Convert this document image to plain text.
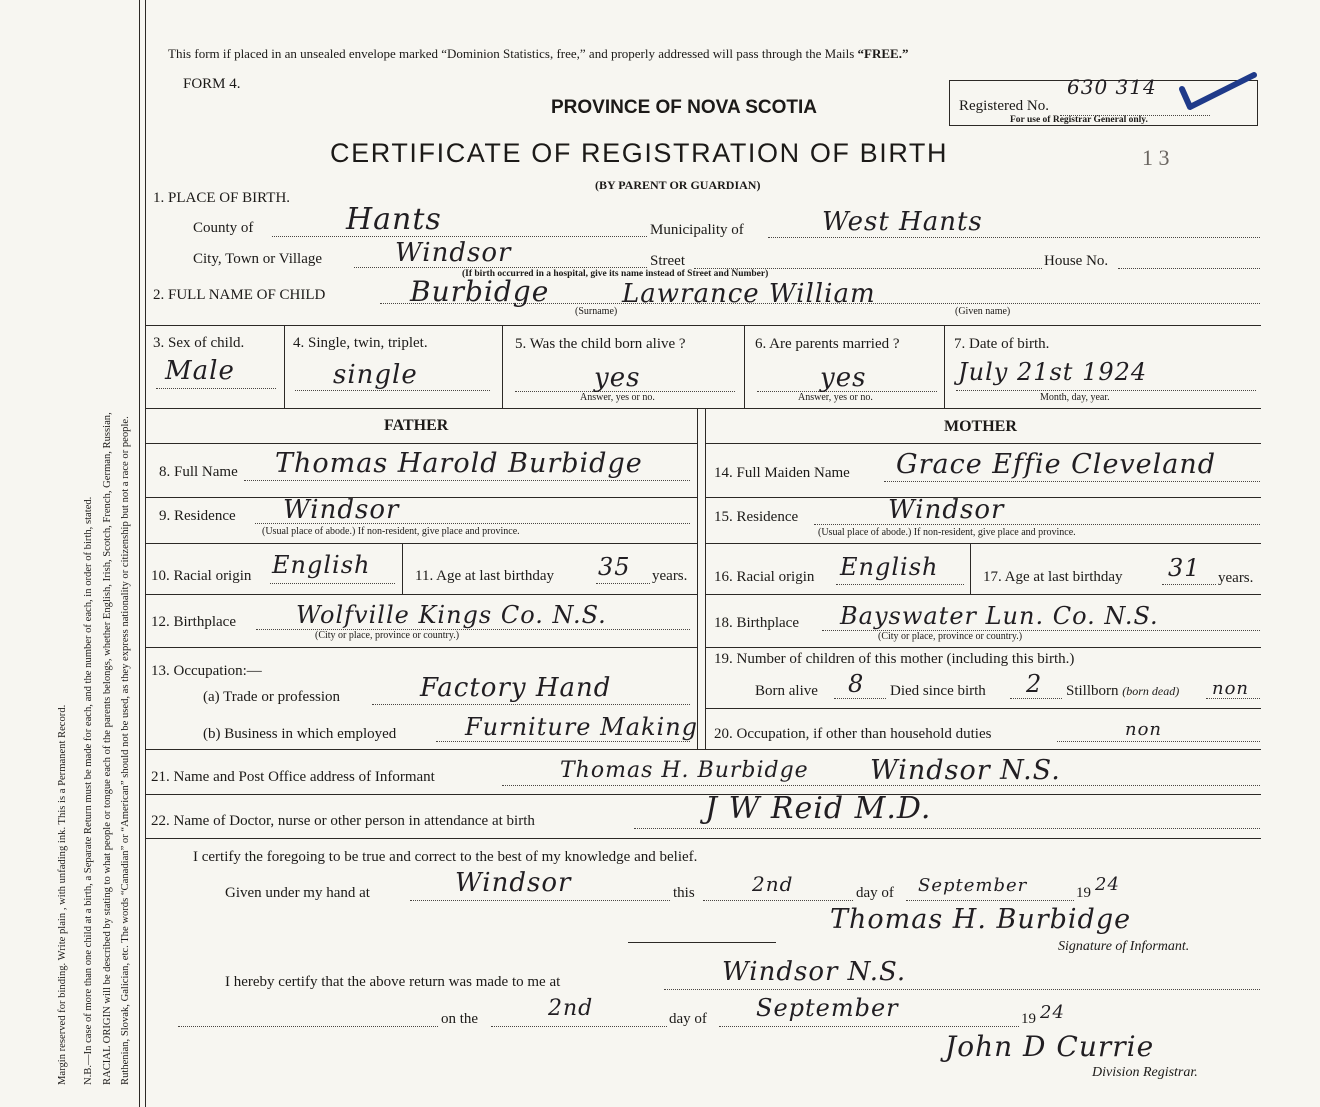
Margin reserved for binding. Write plain , with unfading ink. This is a Permanent Record. N.B.—In case of more than one child at a birth, a Separate Return must be made for each, and the number of each, in order of birth, stated. RACIAL ORIGIN will be described by stating to what people or tongue each of the parents belongs, whether English, Irish, Scotch, French, German, Russian, Ruthenian, Slovak, Galician, etc. The words “Canadian” or “American” should not be used, as they express nationality or citizenship but not a race or people.
This form if placed in an unsealed envelope marked “Dominion Statistics, free,” and properly addressed will pass through the Mails “FREE.”
FORM 4.
PROVINCE OF NOVA SCOTIA
CERTIFICATE OF REGISTRATION OF BIRTH
(BY PARENT OR GUARDIAN)
1 3
Registered No.
630 314
For use of Registrar General only.
1. PLACE OF BIRTH.
County of	Hants	Municipality of	West Hants
City, Town or Village	Windsor	Street	House No.
(If birth occurred in a hospital, give its name instead of Street and Number)
2. FULL NAME OF CHILD	Burbidge	Lawrance William
(Surname)	(Given name)
3. Sex of child.
Male
4. Single, twin, triplet.
single
5. Was the child born alive ?
yes
Answer, yes or no.
6. Are parents married ?
yes
Answer, yes or no.
7. Date of birth.
July 21st 1924
Month, day, year.
FATHER	MOTHER
8. Full Name Thomas Harold Burbidge
9. Residence Windsor
(Usual place of abode.) If non-resident, give place and province.
10. Racial origin English	11. Age at last birthday 35 years.
12. Birthplace	Wolfville Kings Co. N.S.
(City or place, province or country.)
13. Occupation:—
(a) Trade or profession	Factory Hand
(b) Business in which employed	Furniture Making
14. Full Maiden Name Grace Effie Cleveland
15. Residence	Windsor
(Usual place of abode.) If non-resident, give place and province.
16. Racial origin English	17. Age at last birthday 31 years.
18. Birthplace Bayswater Lun. Co. N.S.
(City or place, province or country.)
19. Number of children of this mother (including this birth.)
Born alive 8 Died since birth 2 Stillborn (born dead) non
20. Occupation, if other than household duties	non
21. Name and Post Office address of Informant	Thomas H. Burbidge Windsor N.S.
22. Name of Doctor, nurse or other person in attendance at birth	J W Reid M.D.
I certify the foregoing to be true and correct to the best of my knowledge and belief.
Given under my hand at	Windsor	this	2nd	day of September	19 24
Thomas H. Burbidge
Signature of Informant.
I hereby certify that the above return was made to me at	Windsor N.S.
on the	2nd	day of September	19 24
John D Currie
Division Registrar.
